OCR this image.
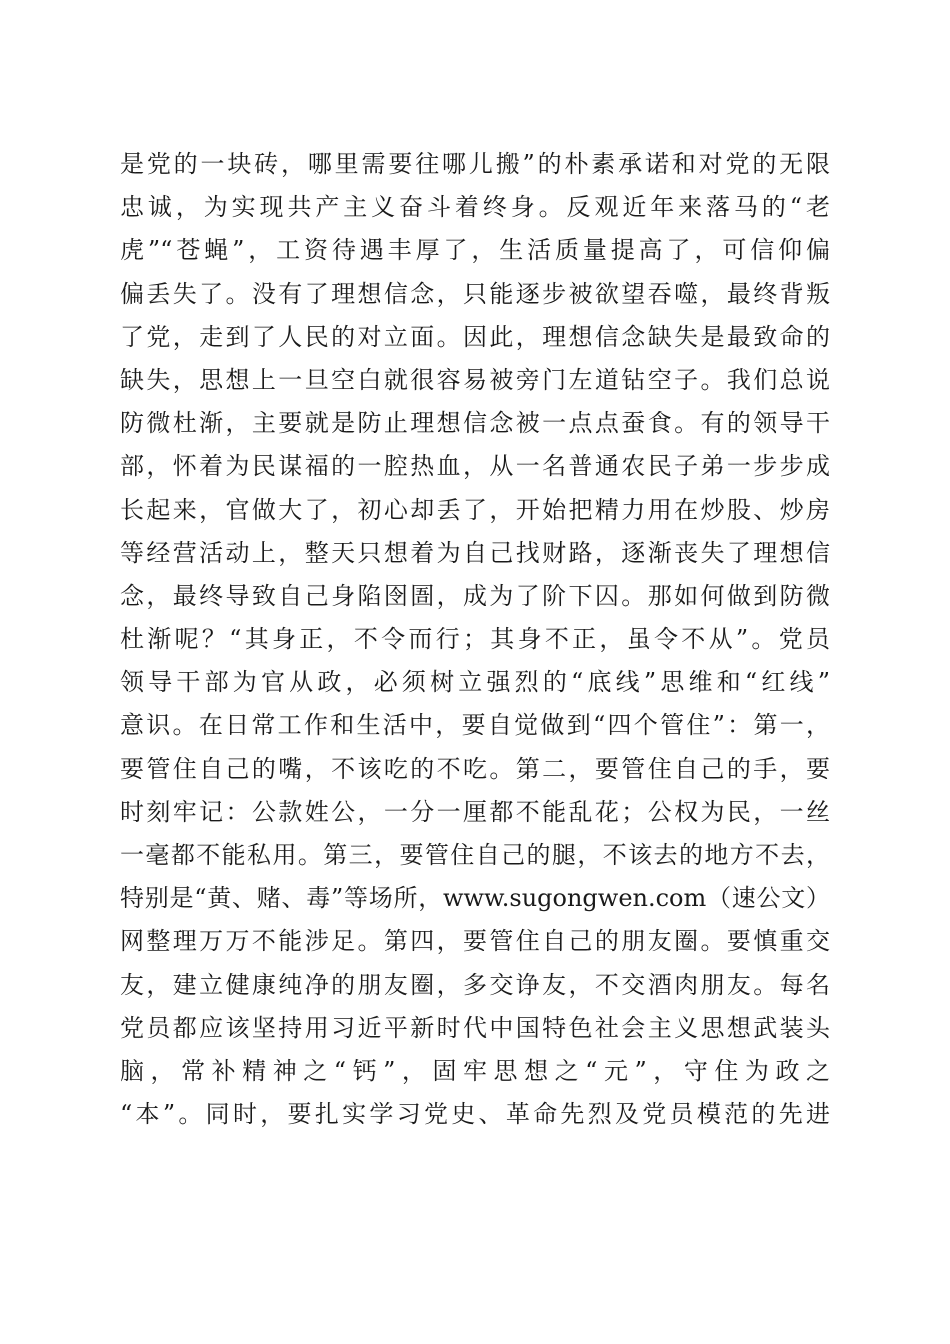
是党的一块砖，哪里需要往哪儿搬”的朴素承诺和对党的无限
忠诚，为实现共产主义奋斗着终身。反观近年来落马的“老
虎”“苍蝇”，工资待遇丰厚了，生活质量提高了，可信仰偏
偏丢失了。没有了理想信念，只能逐步被欲望吞噬，最终背叛
了党，走到了人民的对立面。因此，理想信念缺失是最致命的
缺失，思想上一旦空白就很容易被旁门左道钻空子。我们总说
防微杜渐，主要就是防止理想信念被一点点蚕食。有的领导干
部，怀着为民谋福的一腔热血，从一名普通农民子弟一步步成
长起来，官做大了，初心却丢了，开始把精力用在炒股、炒房
等经营活动上，整天只想着为自己找财路，逐渐丧失了理想信
念，最终导致自己身陷囹圄，成为了阶下囚。那如何做到防微
杜渐呢？“其身正，不令而行；其身不正，虽令不从”。党员
领导干部为官从政，必须树立强烈的“底线”思维和“红线”
意识。在日常工作和生活中，要自觉做到“四个管住”：第一，
要管住自己的嘴，不该吃的不吃。第二，要管住自己的手，要
时刻牢记：公款姓公，一分一厘都不能乱花；公权为民，一丝
一毫都不能私用。第三，要管住自己的腿，不该去的地方不去，
特别是“黄、赌、毒”等场所，www.sugongwen.com（速公文）
网整理万万不能涉足。第四，要管住自己的朋友圈。要慎重交
友，建立健康纯净的朋友圈，多交诤友，不交酒肉朋友。每名
党员都应该坚持用习近平新时代中国特色社会主义思想武装头
脑，常补精神之“钙”，固牢思想之“元”，守住为政之
“本”。同时，要扎实学习党史、革命先烈及党员模范的先进
